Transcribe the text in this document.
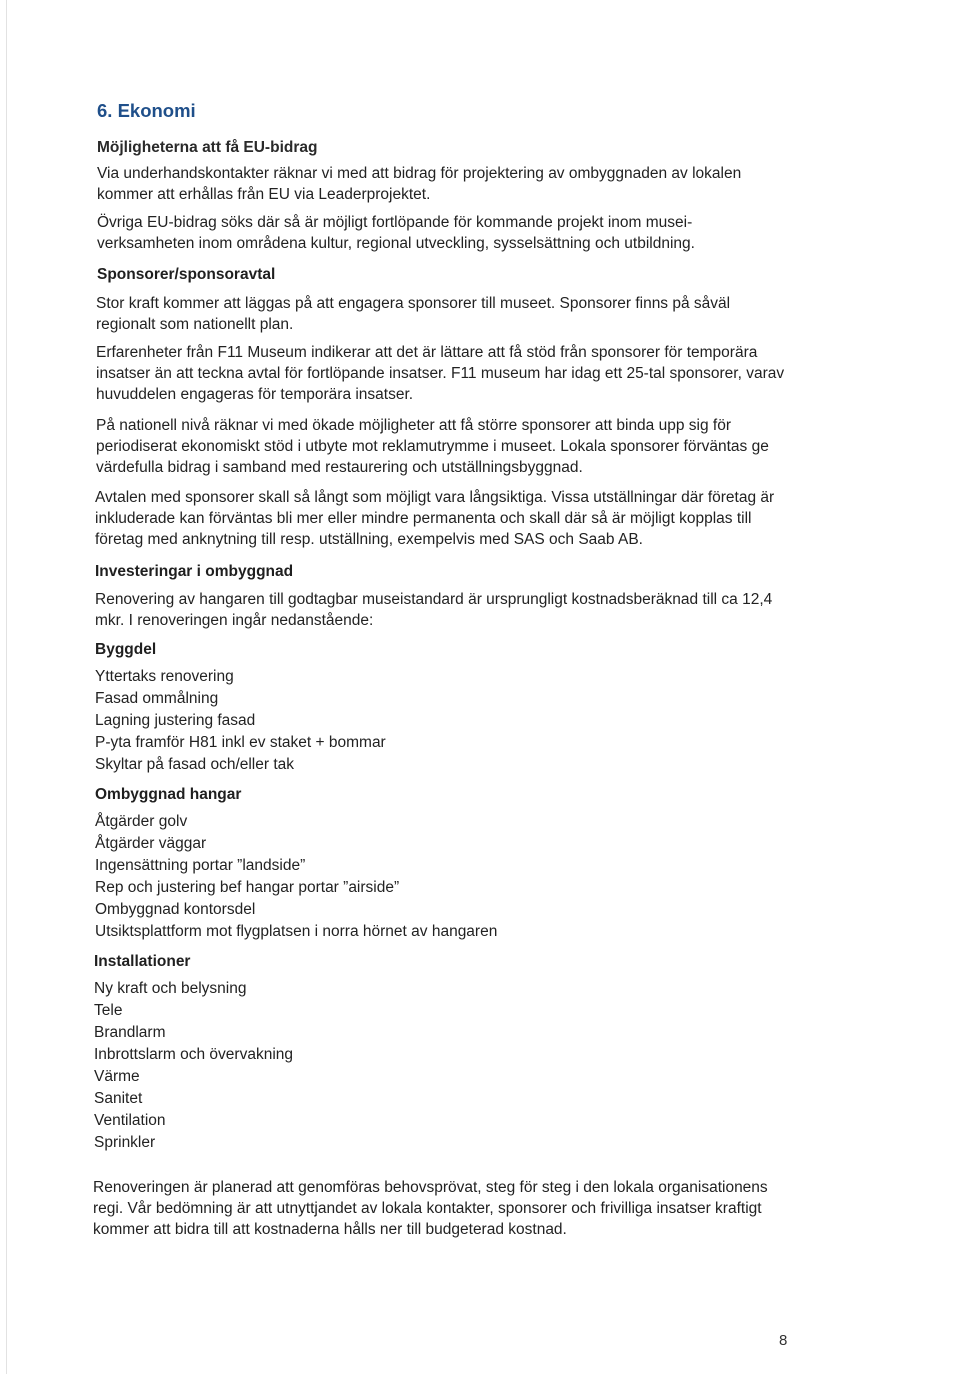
6. Ekonomi
Möjligheterna att få EU-bidrag

Via underhandskontakter räknar vi med att bidrag för projektering av ombyggnaden av lokalen kommer att erhållas från EU via Leaderprojektet.

Övriga EU-bidrag söks där så är möjligt fortlöpande för kommande projekt inom musei-verksamheten inom områdena kultur, regional utveckling, sysselsättning och utbildning.

Sponsorer/sponsoravtal

Stor kraft kommer att läggas på att engagera sponsorer till museet. Sponsorer finns på såväl regionalt som nationellt plan.

Erfarenheter från F11 Museum indikerar att det är lättare att få stöd från sponsorer för temporära insatser än att teckna avtal för fortlöpande insatser. F11 museum har idag ett 25-tal sponsorer, varav huvuddelen engageras för temporära insatser.

På nationell nivå räknar vi med ökade möjligheter att få större sponsorer att binda upp sig för periodiserat ekonomiskt stöd i utbyte mot reklamutrymme i museet. Lokala sponsorer förväntas ge värdefulla bidrag i samband med restaurering och utställningsbyggnad.

Avtalen med sponsorer skall så långt som möjligt vara långsiktiga. Vissa utställningar där företag är inkluderade kan förväntas bli mer eller mindre permanenta och skall där så är möjligt kopplas till företag med anknytning till resp. utställning, exempelvis med SAS och Saab AB.

Investeringar i ombyggnad

Renovering av hangaren till godtagbar museistandard är ursprungligt kostnadsberäknad till ca 12,4 mkr. I renoveringen ingår nedanstående:

Byggdel
Yttertaks renovering
Fasad ommålning
Lagning justering fasad
P-yta framför H81 inkl ev staket + bommar
Skyltar på fasad och/eller tak
Ombyggnad hangar
Åtgärder golv
Åtgärder väggar
Ingensättning portar ”landside”
Rep och justering bef hangar portar ”airside”
Ombyggnad kontorsdel
Utsiktsplattform mot flygplatsen i norra hörnet av hangaren
Installationer
Ny kraft och belysning
Tele
Brandlarm
Inbrottslarm och övervakning
Värme
Sanitet
Ventilation
Sprinkler

Renoveringen är planerad att genomföras behovsprövat, steg för steg i den lokala organisationens regi. Vår bedömning är att utnyttjandet av lokala kontakter, sponsorer och frivilliga insatser kraftigt kommer att bidra till att kostnaderna hålls ner till budgeterad kostnad.

8
